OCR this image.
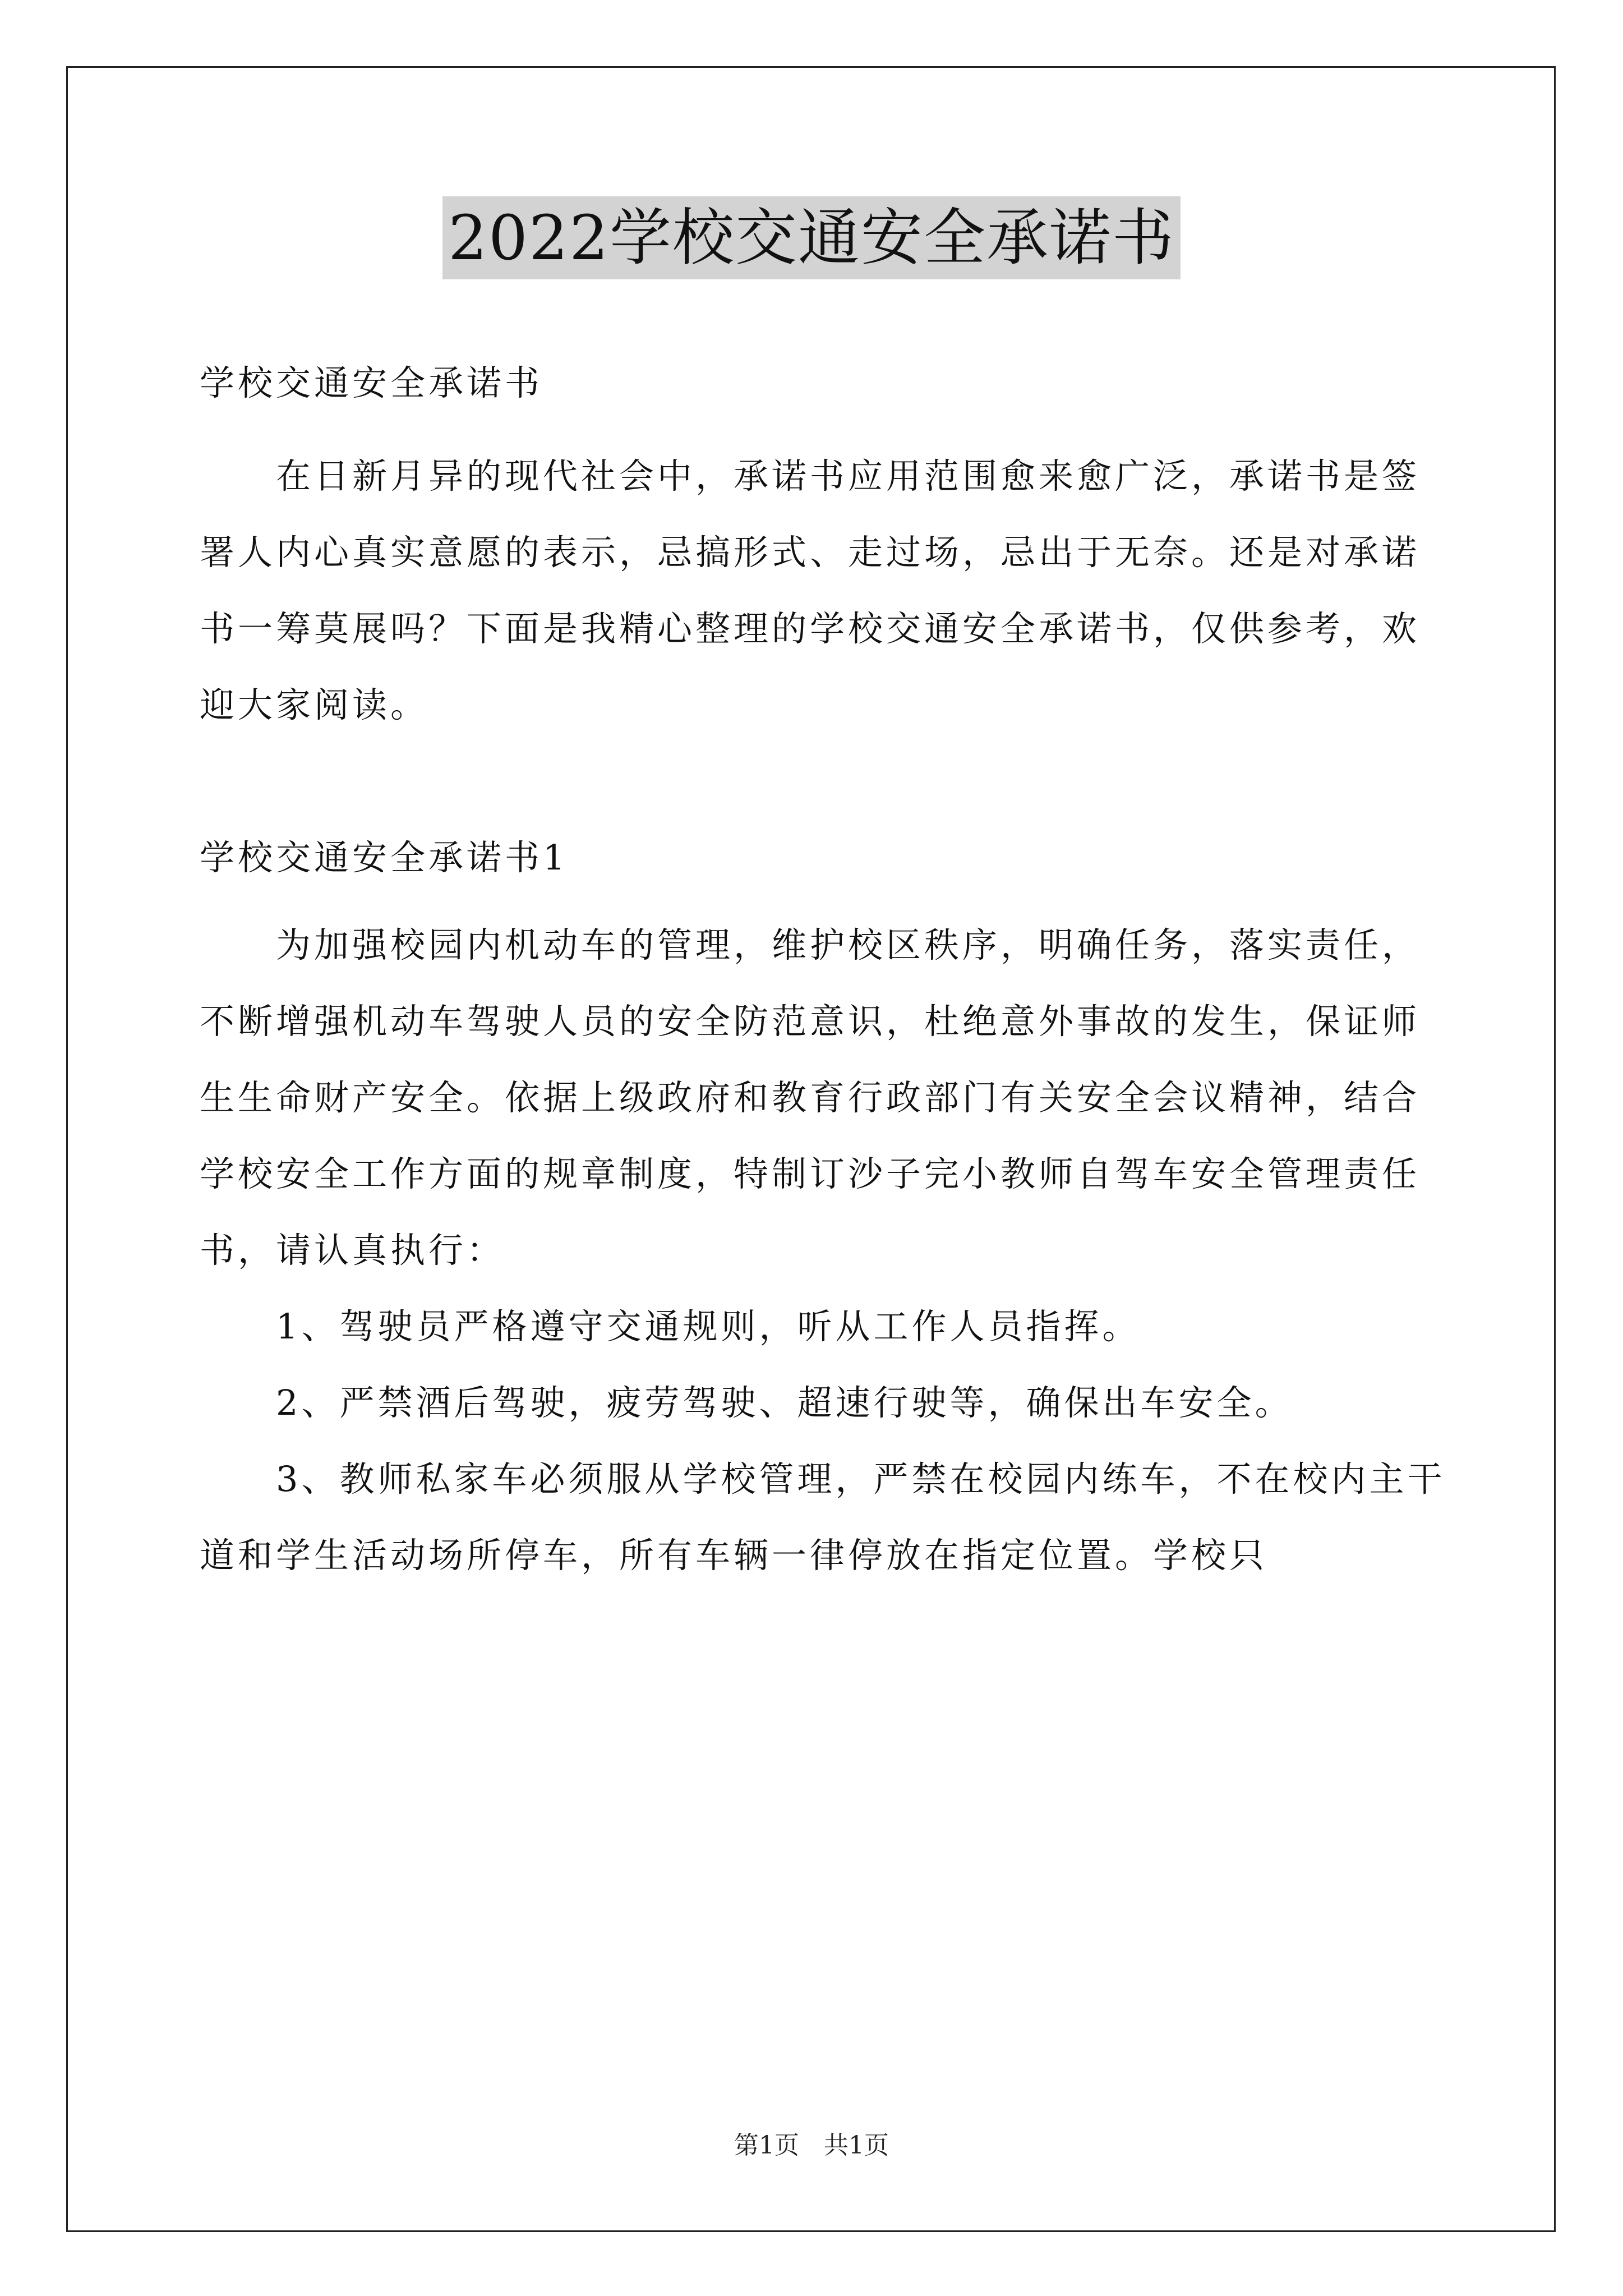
2022学校交通安全承诺书

学校交通安全承诺书

在日新月异的现代社会中，承诺书应用范围愈来愈广泛，承诺书是签署人内心真实意愿的表示，忌搞形式、走过场，忌出于无奈。还是对承诺书一筹莫展吗？下面是我精心整理的学校交通安全承诺书，仅供参考，欢迎大家阅读。

学校交通安全承诺书1

为加强校园内机动车的管理，维护校区秩序，明确任务，落实责任，不断增强机动车驾驶人员的安全防范意识，杜绝意外事故的发生，保证师生生命财产安全。依据上级政府和教育行政部门有关安全会议精神，结合学校安全工作方面的规章制度，特制订沙子完小教师自驾车安全管理责任书，请认真执行：

1、驾驶员严格遵守交通规则，听从工作人员指挥。

2、严禁酒后驾驶，疲劳驾驶、超速行驶等，确保出车安全。

3、教师私家车必须服从学校管理，严禁在校园内练车，不在校内主干道和学生活动场所停车，所有车辆一律停放在指定位置。学校只

第1页　共1页
